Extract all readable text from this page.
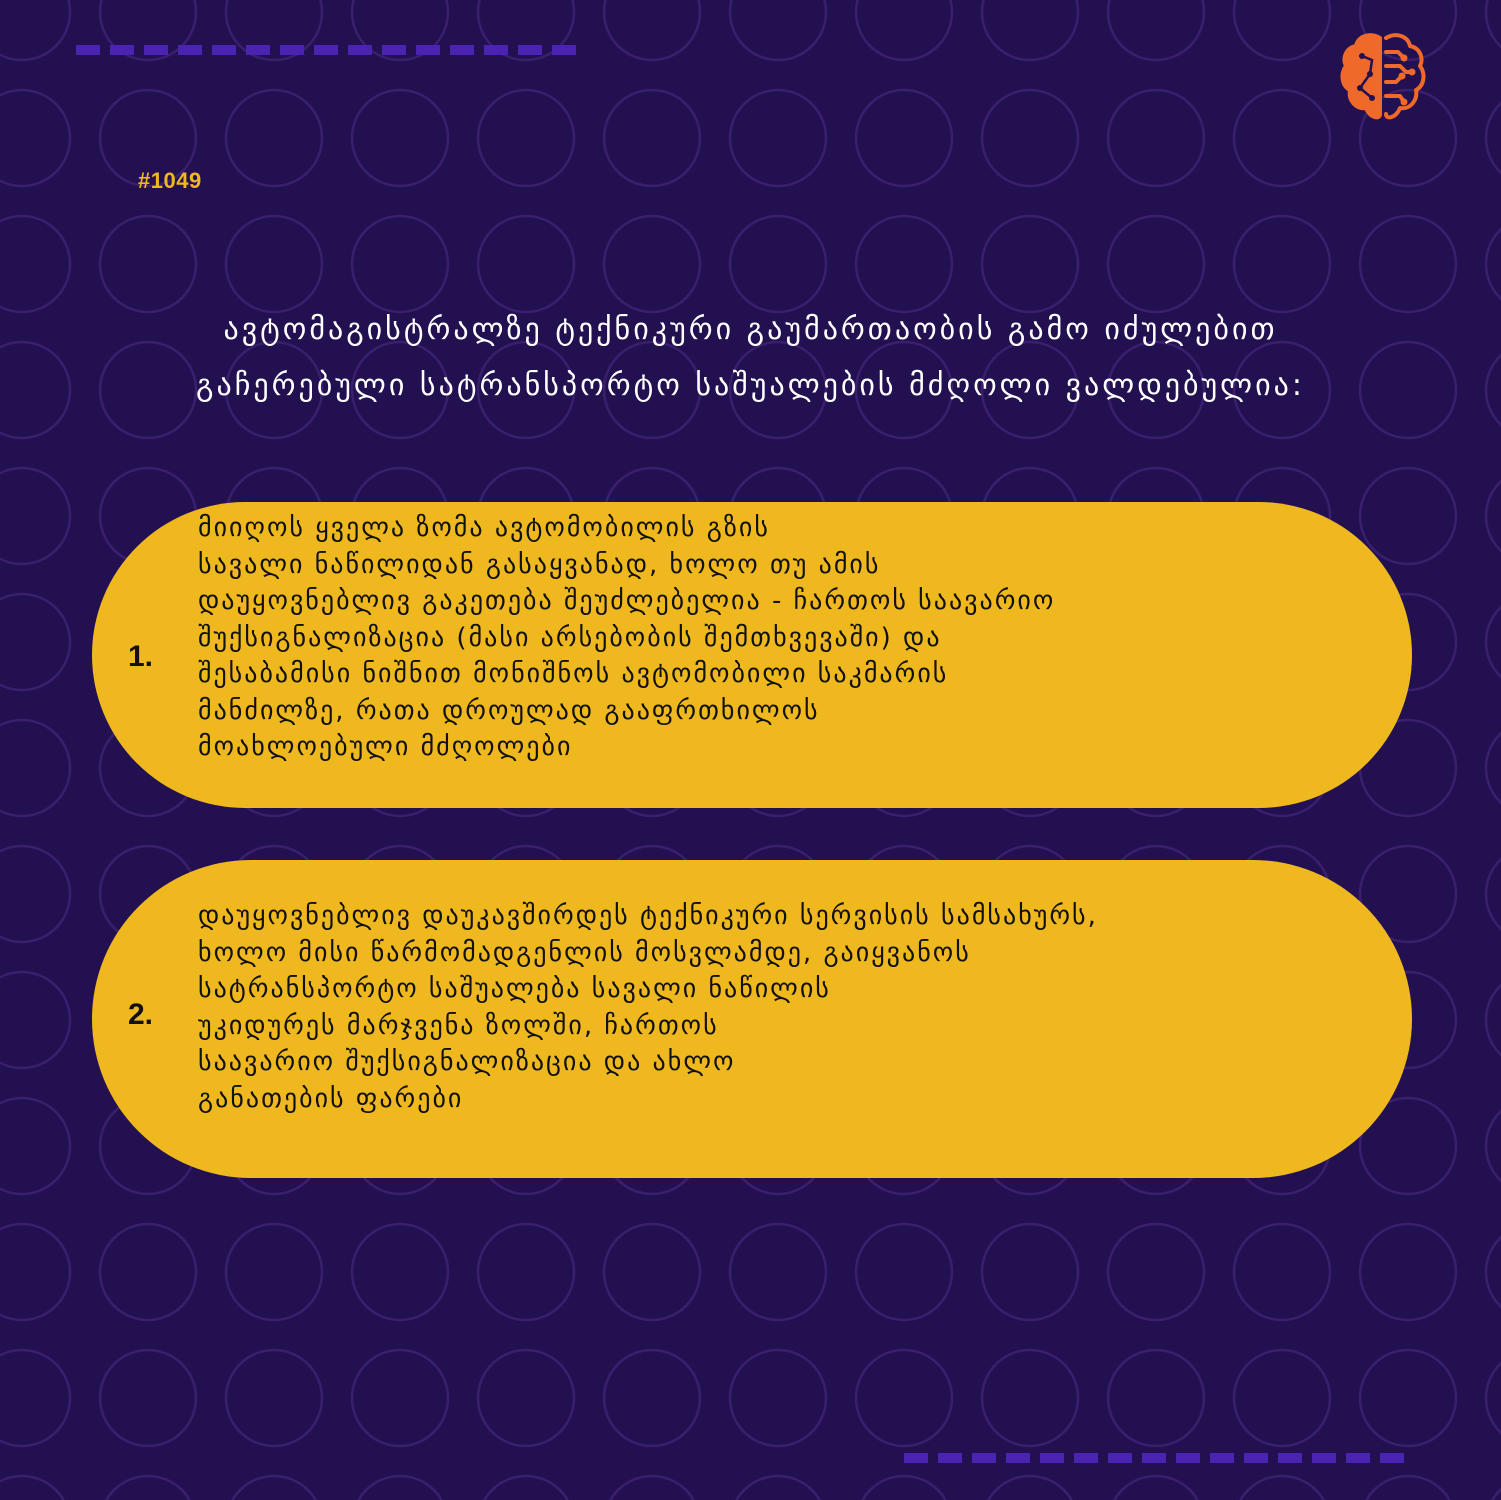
#1049
ავტომაგისტრალზე ტექნიკური გაუმართაობის გამო იძულებით
გაჩერებული სატრანსპორტო საშუალების მძღოლი ვალდებულია:
1.
მიიღოს ყველა ზომა ავტომობილის გზის
სავალი ნაწილიდან გასაყვანად, ხოლო თუ ამის
დაუყოვნებლივ გაკეთება შეუძლებელია - ჩართოს საავარიო
შუქსიგნალიზაცია (მასი არსებობის შემთხვევაში) და
შესაბამისი ნიშნით მონიშნოს ავტომობილი საკმარის
მანძილზე, რათა დროულად გააფრთხილოს
მოახლოებული მძღოლები
2.
დაუყოვნებლივ დაუკავშირდეს ტექნიკური სერვისის სამსახურს,
ხოლო მისი წარმომადგენლის მოსვლამდე, გაიყვანოს
სატრანსპორტო საშუალება სავალი ნაწილის
უკიდურეს მარჯვენა ზოლში, ჩართოს
საავარიო შუქსიგნალიზაცია და ახლო
განათების ფარები
